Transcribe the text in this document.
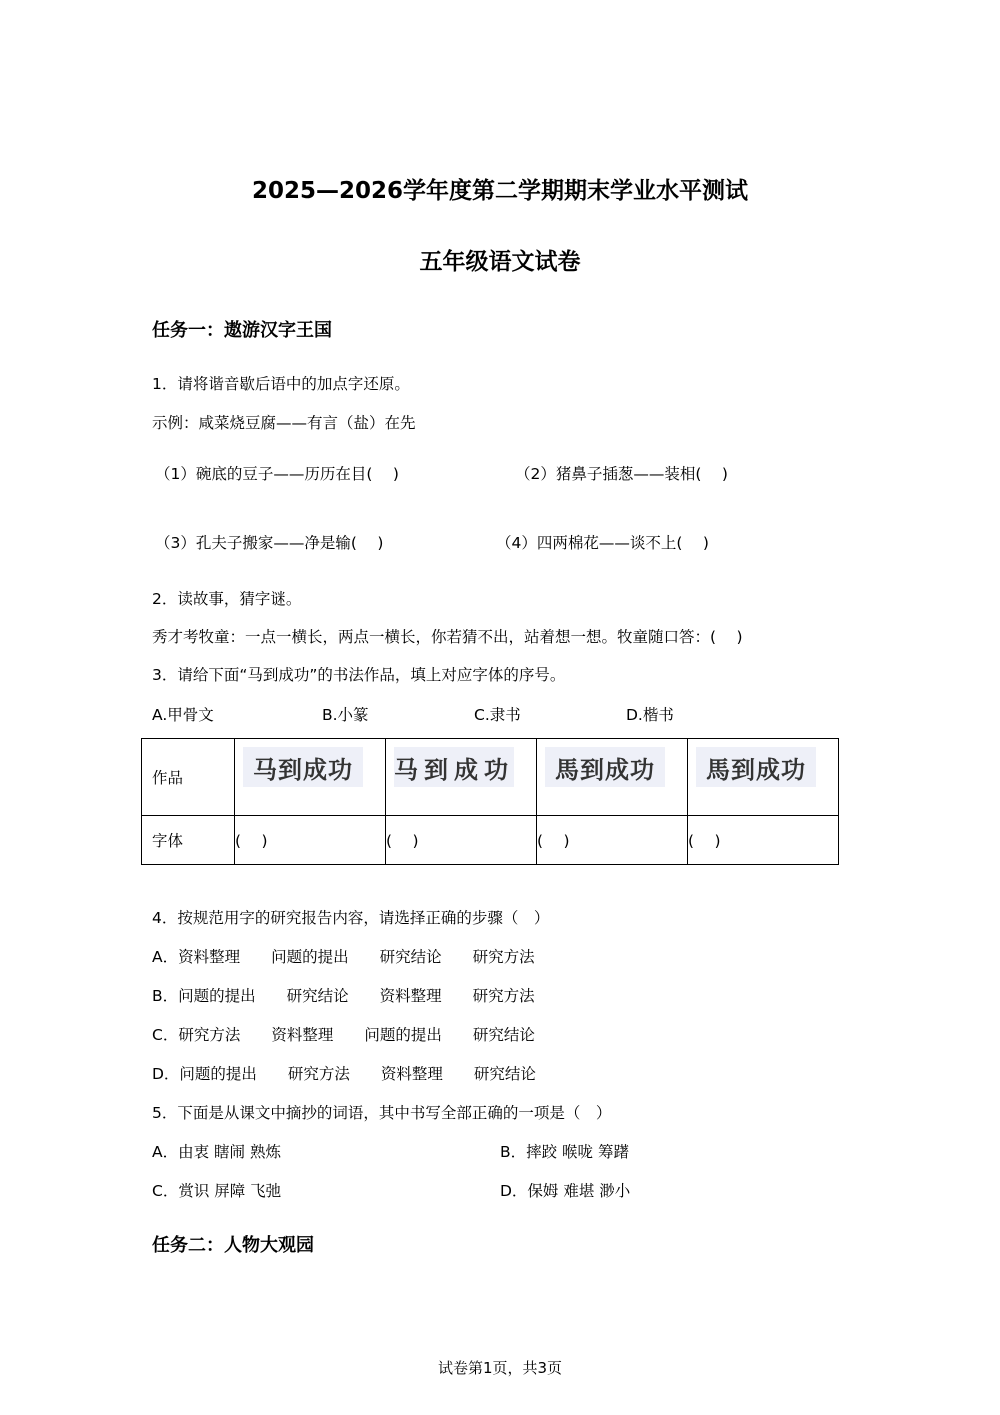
2025—2026学年度第二学期期末学业水平测试
五年级语文试卷
任务一：遨游汉字王国
1．请将谐音歇后语中的加点字还原。
示例：咸菜烧豆腐——有言（盐）在先
（1）碗底的豆子——历历在目(　 )	（2）猪鼻子插葱——装相(　 )
（3）孔夫子搬家——净是输(　 )	（4）四两棉花——谈不上(　 )
2．读故事，猜字谜。
秀才考牧童：一点一横长，两点一横长，你若猜不出，站着想一想。牧童随口答：(　 )
3．请给下面“马到成功”的书法作品，填上对应字体的序号。
A.甲骨文	B.小篆	C.隶书	D.楷书
作品	马到成功	马到成功	馬到成功	馬到成功

字体	(　 )	(　 )	(　 )	(　 )
4．按规范用字的研究报告内容，请选择正确的步骤（　）
A．资料整理　　问题的提出　　研究结论　　研究方法
B．问题的提出　　研究结论　　资料整理　　研究方法
C．研究方法　　资料整理　　问题的提出　　研究结论
D．问题的提出　　研究方法　　资料整理　　研究结论
5．下面是从课文中摘抄的词语，其中书写全部正确的一项是（　）
A．由衷 瞎闹 熟炼	B．摔跤 喉咙 筹躇
C．赏识 屏障 飞弛	D．保姆 难堪 渺小
任务二：人物大观园
试卷第1页，共3页
